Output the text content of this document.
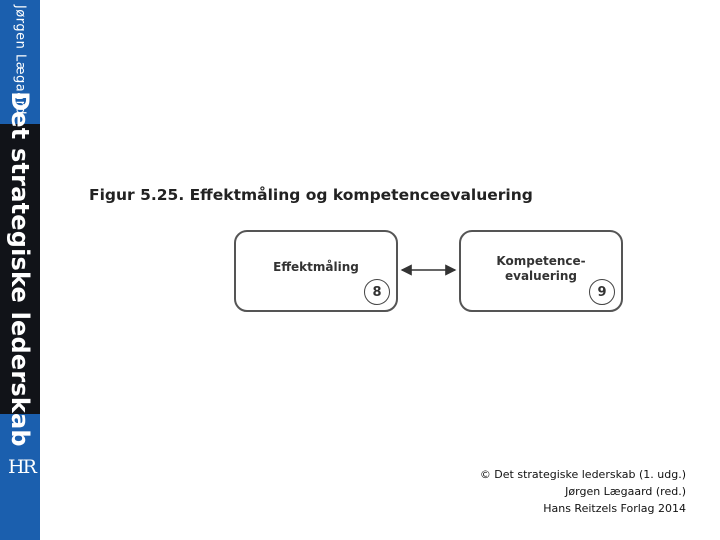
Jørgen Lægaard
Det strategiske lederskab
HR
Figur 5.25. Effektmåling og kompetenceevaluering
Effektmåling
8
Kompetence-
evaluering
9
© Det strategiske lederskab (1. udg.)
Jørgen Lægaard (red.)
Hans Reitzels Forlag 2014
